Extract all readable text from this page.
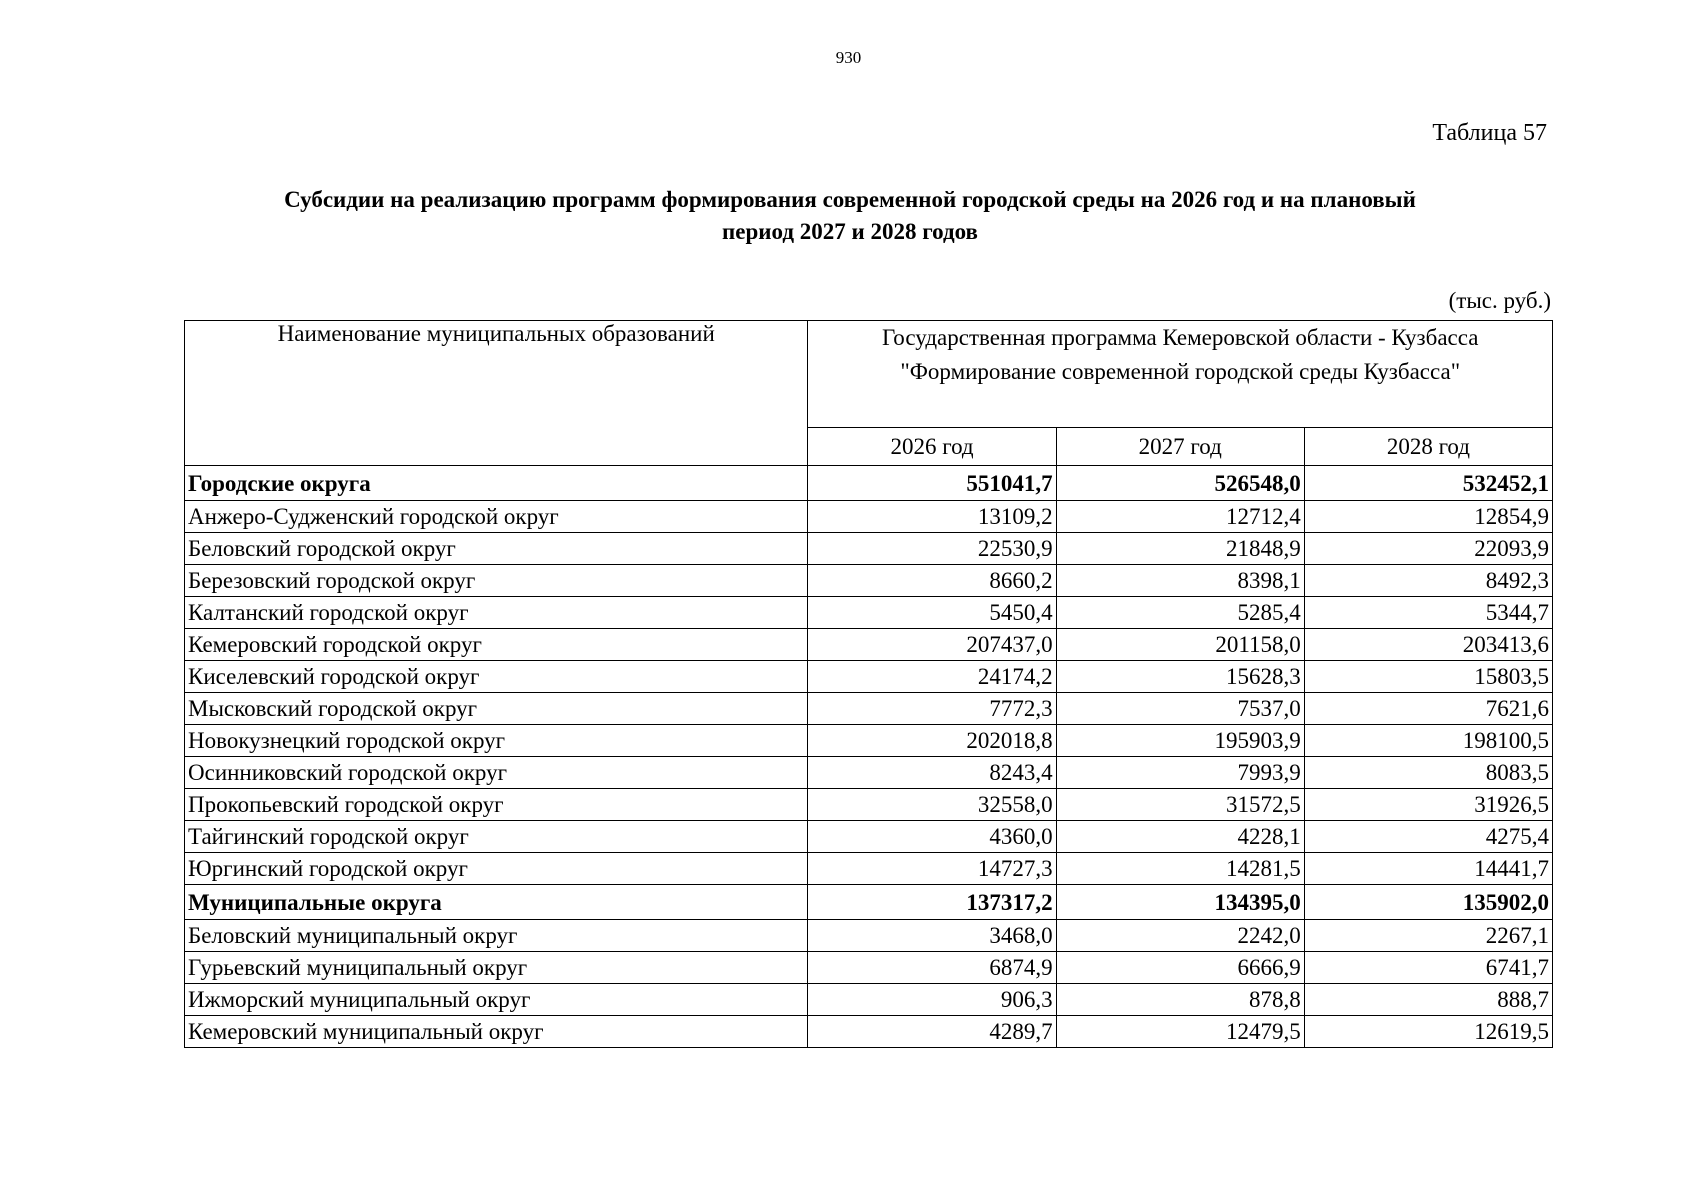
930
Таблица 57
Субсидии на реализацию программ формирования современной городской среды на 2026 год и на плановый
период 2027 и 2028 годов
(тыс. руб.)
Наименование муниципальных образований	Государственная программа Кемеровской области - Кузбасса
"Формирование современной городской среды Кузбасса"		

	2026 год	2027 год	2028 год
Городские округа	551041,7	526548,0	532452,1
Анжеро-Судженский городской округ	13109,2	12712,4	12854,9
Беловский городской округ	22530,9	21848,9	22093,9
Березовский городской округ	8660,2	8398,1	8492,3
Калтанский городской округ	5450,4	5285,4	5344,7
Кемеровский городской округ	207437,0	201158,0	203413,6
Киселевский городской округ	24174,2	15628,3	15803,5
Мысковский городской округ	7772,3	7537,0	7621,6
Новокузнецкий городской округ	202018,8	195903,9	198100,5
Осинниковский городской округ	8243,4	7993,9	8083,5
Прокопьевский городской округ	32558,0	31572,5	31926,5
Тайгинский городской округ	4360,0	4228,1	4275,4
Юргинский городской округ	14727,3	14281,5	14441,7
Муниципальные округа	137317,2	134395,0	135902,0
Беловский муниципальный округ	3468,0	2242,0	2267,1
Гурьевский муниципальный округ	6874,9	6666,9	6741,7
Ижморский муниципальный округ	906,3	878,8	888,7
Кемеровский муниципальный округ	4289,7	12479,5	12619,5
